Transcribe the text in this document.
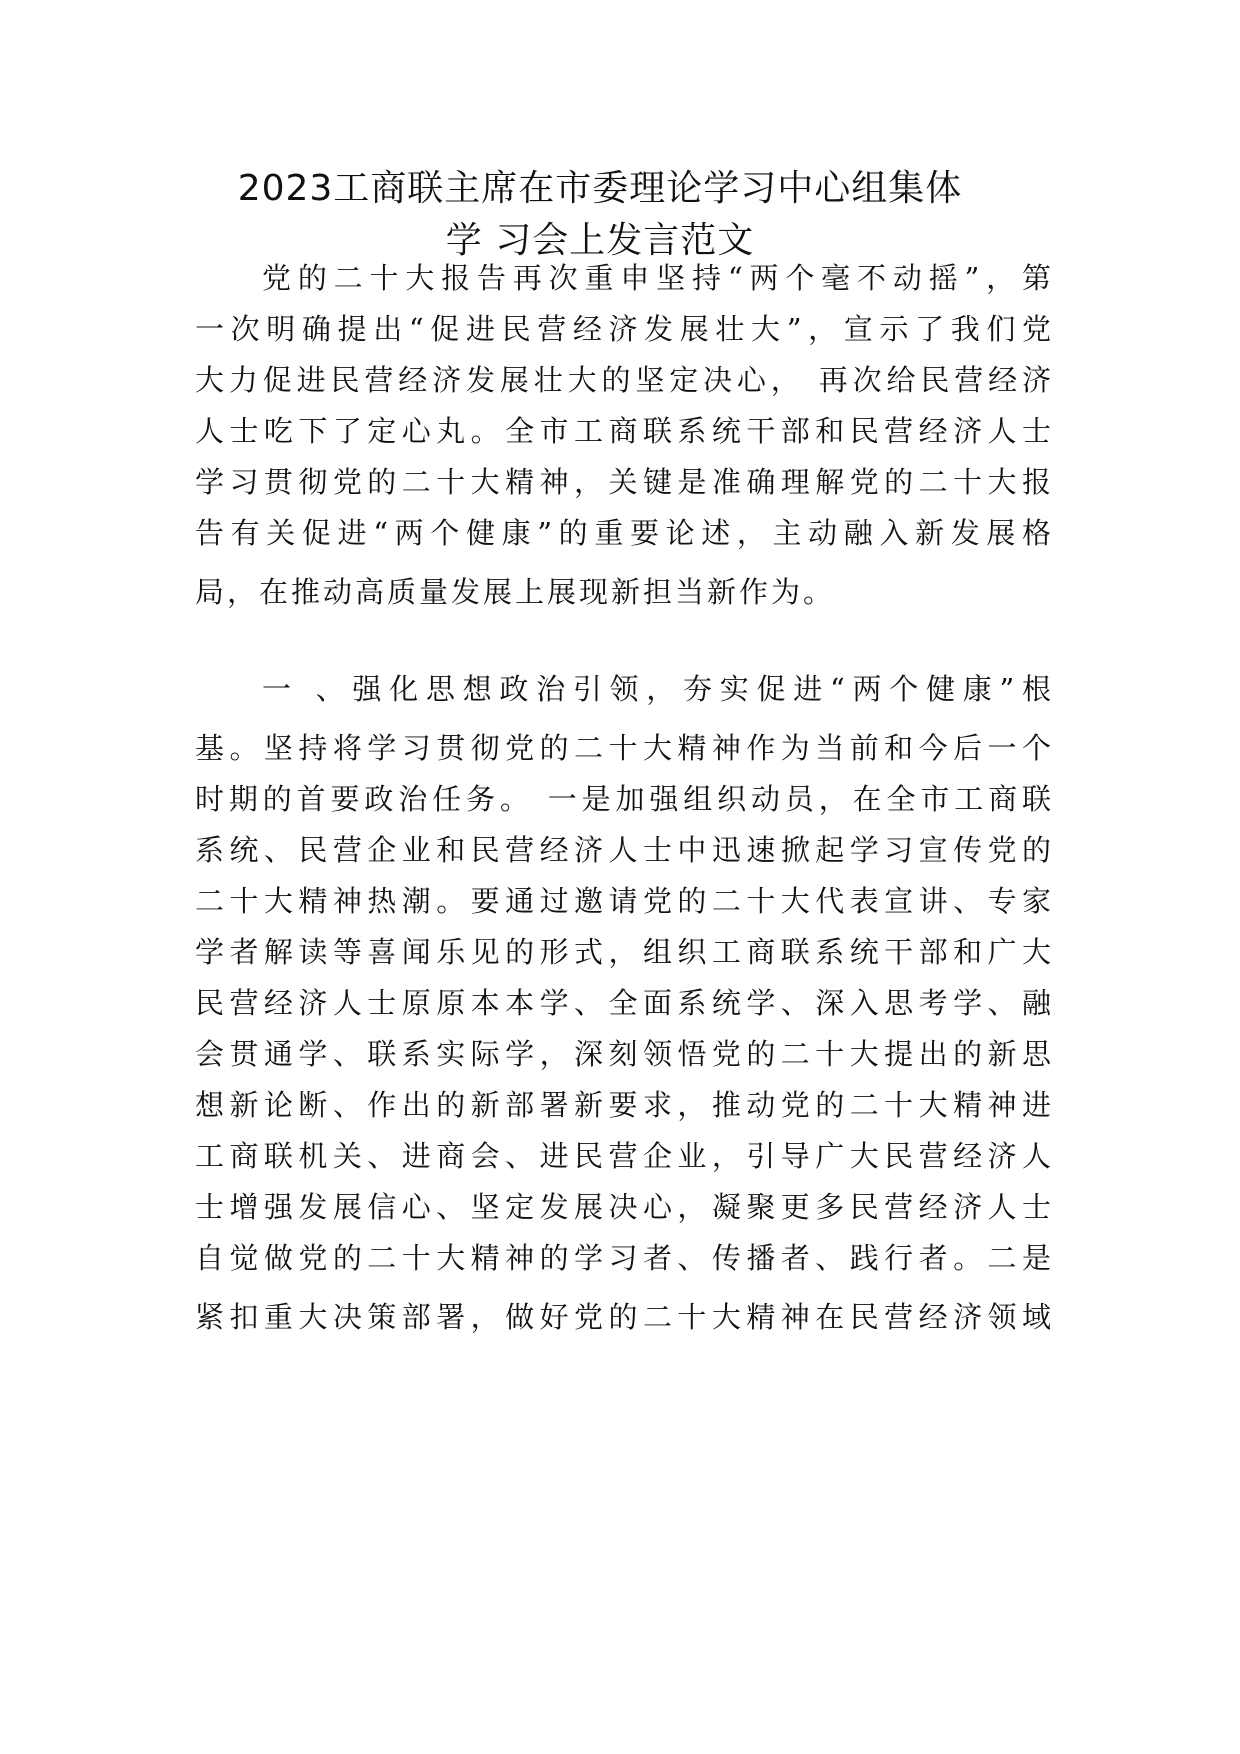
2023工商联主席在市委理论学习中心组集体
学 习会上发言范文

党的二十大报告再次重申坚持“两个毫不动摇”，第

一次明确提出“促进民营经济发展壮大”，宣示了我们党

大力促进民营经济发展壮大的坚定决心， 再次给民营经济

人士吃下了定心丸。全市工商联系统干部和民营经济人士

学习贯彻党的二十大精神，关键是准确理解党的二十大报

告有关促进“两个健康”的重要论述，主动融入新发展格

局，在推动高质量发展上展现新担当新作为。

一 、强化思想政治引领，夯实促进“两个健康”根

基。坚持将学习贯彻党的二十大精神作为当前和今后一个

时期的首要政治任务。 一是加强组织动员，在全市工商联

系统、民营企业和民营经济人士中迅速掀起学习宣传党的

二十大精神热潮。要通过邀请党的二十大代表宣讲、专家

学者解读等喜闻乐见的形式，组织工商联系统干部和广大

民营经济人士原原本本学、全面系统学、深入思考学、融

会贯通学、联系实际学，深刻领悟党的二十大提出的新思

想新论断、作出的新部署新要求，推动党的二十大精神进

工商联机关、进商会、进民营企业，引导广大民营经济人

士增强发展信心、坚定发展决心，凝聚更多民营经济人士

自觉做党的二十大精神的学习者、传播者、践行者。二是

紧扣重大决策部署，做好党的二十大精神在民营经济领域
